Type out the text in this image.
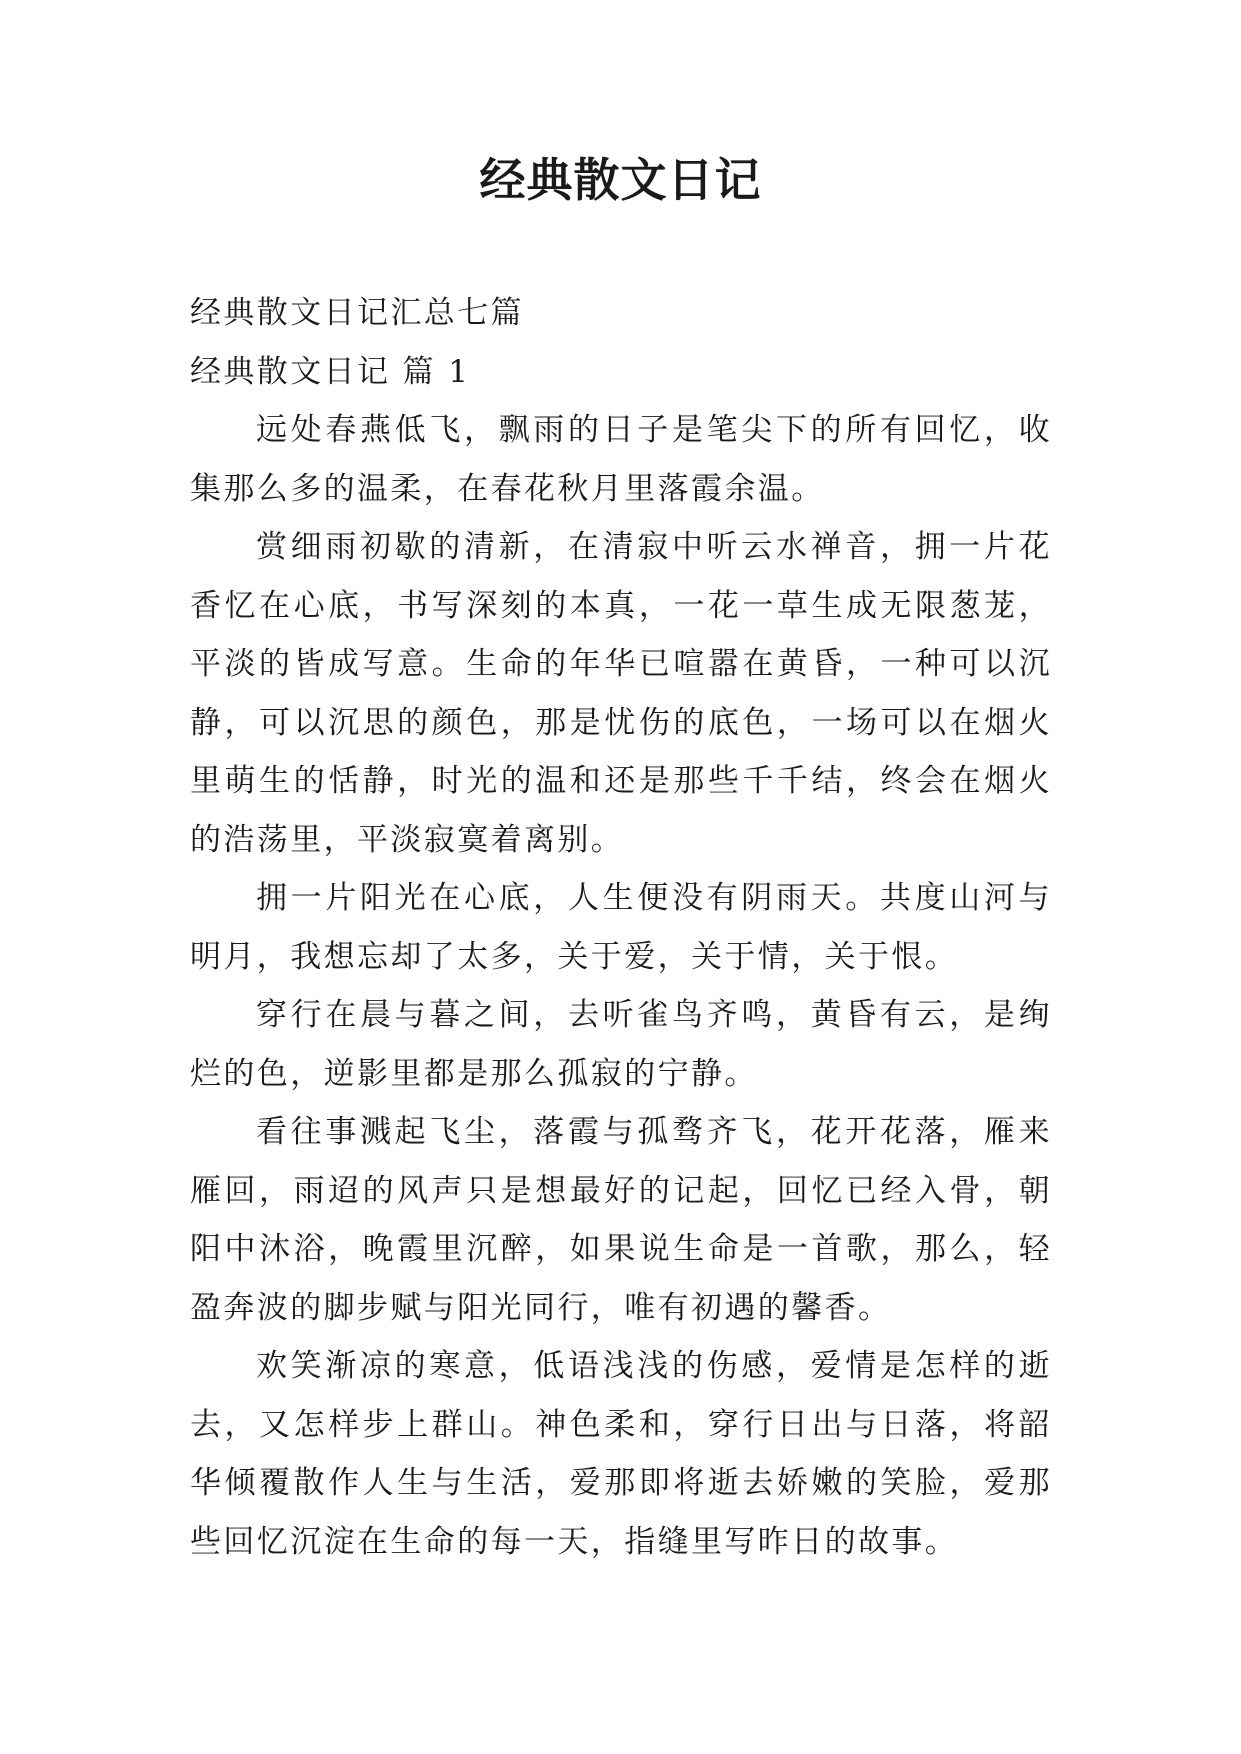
经典散文日记

经典散文日记汇总七篇

经典散文日记 篇 1

远处春燕低飞，飘雨的日子是笔尖下的所有回忆，收集那么多的温柔，在春花秋月里落霞余温。

赏细雨初歇的清新，在清寂中听云水禅音，拥一片花香忆在心底，书写深刻的本真，一花一草生成无限葱茏，平淡的皆成写意。生命的年华已喧嚣在黄昏，一种可以沉静，可以沉思的颜色，那是忧伤的底色，一场可以在烟火里萌生的恬静，时光的温和还是那些千千结，终会在烟火的浩荡里，平淡寂寞着离别。

拥一片阳光在心底，人生便没有阴雨天。共度山河与明月，我想忘却了太多，关于爱，关于情，关于恨。

穿行在晨与暮之间，去听雀鸟齐鸣，黄昏有云，是绚烂的色，逆影里都是那么孤寂的宁静。

看往事溅起飞尘，落霞与孤骛齐飞，花开花落，雁来雁回，雨迢的风声只是想最好的记起，回忆已经入骨，朝阳中沐浴，晚霞里沉醉，如果说生命是一首歌，那么，轻盈奔波的脚步赋与阳光同行，唯有初遇的馨香。

欢笑渐凉的寒意，低语浅浅的伤感，爱情是怎样的逝去，又怎样步上群山。神色柔和，穿行日出与日落，将韶华倾覆散作人生与生活，爱那即将逝去娇嫩的笑脸，爱那些回忆沉淀在生命的每一天，指缝里写昨日的故事。
